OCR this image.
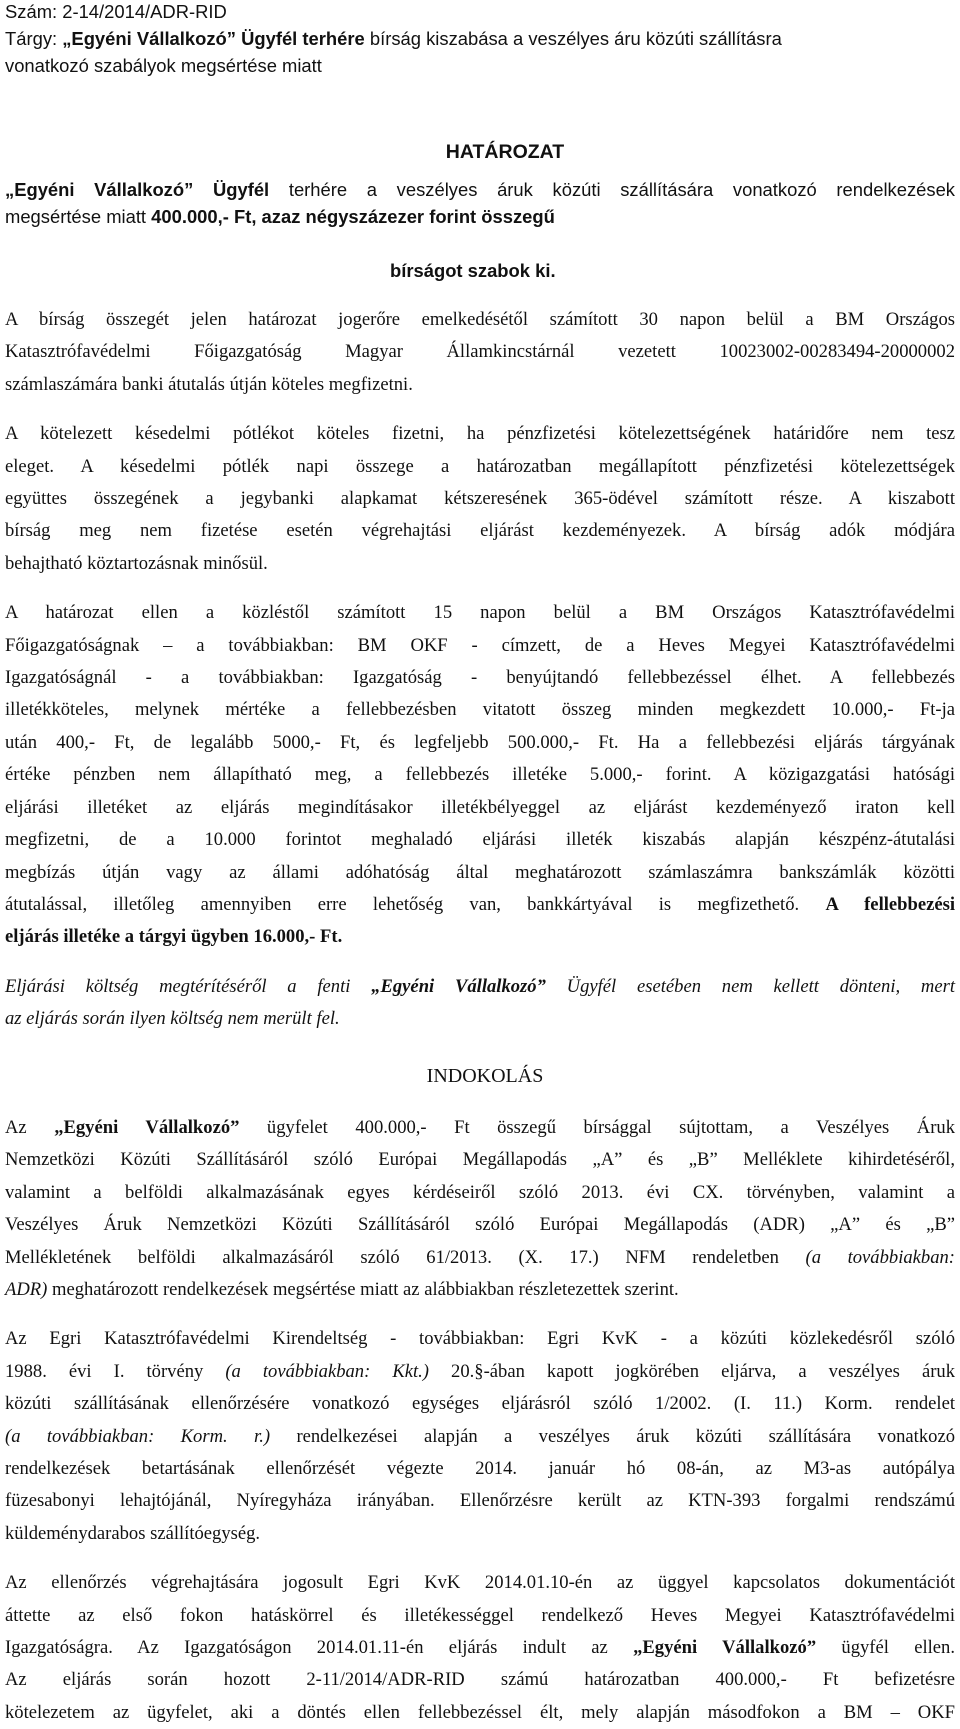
Szám: 2-14/2014/ADR-RID
Tárgy: „Egyéni Vállalkozó” Ügyfél terhére bírság kiszabása a veszélyes áru közúti szállításra
vonatkozó szabályok megsértése miatt
HATÁROZAT
„Egyéni Vállalkozó” Ügyfél terhére a veszélyes áruk közúti szállítására vonatkozó rendelkezések
megsértése miatt 400.000,- Ft, azaz négyszázezer forint összegű
bírságot szabok ki.
A bírság összegét jelen határozat jogerőre emelkedésétől számított 30 napon belül a BM Országos
Katasztrófavédelmi Főigazgatóság Magyar Államkincstárnál vezetett 10023002-00283494-20000002
számlaszámára banki átutalás útján köteles megfizetni.
A kötelezett késedelmi pótlékot köteles fizetni, ha pénzfizetési kötelezettségének határidőre nem tesz
eleget. A késedelmi pótlék napi összege a határozatban megállapított pénzfizetési kötelezettségek
együttes összegének a jegybanki alapkamat kétszeresének 365-ödével számított része. A kiszabott
bírság meg nem fizetése esetén végrehajtási eljárást kezdeményezek. A bírság adók módjára
behajtható köztartozásnak minősül.
A határozat ellen a közléstől számított 15 napon belül a BM Országos Katasztrófavédelmi
Főigazgatóságnak – a továbbiakban: BM OKF - címzett, de a Heves Megyei Katasztrófavédelmi
Igazgatóságnál - a továbbiakban: Igazgatóság - benyújtandó fellebbezéssel élhet. A fellebbezés
illetékköteles, melynek mértéke a fellebbezésben vitatott összeg minden megkezdett 10.000,- Ft-ja
után 400,- Ft, de legalább 5000,- Ft, és legfeljebb 500.000,- Ft. Ha a fellebbezési eljárás tárgyának
értéke pénzben nem állapítható meg, a fellebbezés illetéke 5.000,- forint. A közigazgatási hatósági
eljárási illetéket az eljárás megindításakor illetékbélyeggel az eljárást kezdeményező iraton kell
megfizetni, de a 10.000 forintot meghaladó eljárási illeték kiszabás alapján készpénz-átutalási
megbízás útján vagy az állami adóhatóság által meghatározott számlaszámra bankszámlák közötti
átutalással, illetőleg amennyiben erre lehetőség van, bankkártyával is megfizethető. A fellebbezési
eljárás illetéke a tárgyi ügyben 16.000,- Ft.
Eljárási költség megtérítéséről a fenti „Egyéni Vállalkozó” Ügyfél esetében nem kellett dönteni, mert
az eljárás során ilyen költség nem merült fel.
INDOKOLÁS
Az „Egyéni Vállalkozó” ügyfelet 400.000,- Ft összegű bírsággal sújtottam, a Veszélyes Áruk
Nemzetközi Közúti Szállításáról szóló Európai Megállapodás „A” és „B” Melléklete kihirdetéséről,
valamint a belföldi alkalmazásának egyes kérdéseiről szóló 2013. évi CX. törvényben, valamint a
Veszélyes Áruk Nemzetközi Közúti Szállításáról szóló Európai Megállapodás (ADR) „A” és „B”
Mellékletének belföldi alkalmazásáról szóló 61/2013. (X. 17.) NFM rendeletben (a továbbiakban:
ADR) meghatározott rendelkezések megsértése miatt az alábbiakban részletezettek szerint.
Az Egri Katasztrófavédelmi Kirendeltség - továbbiakban: Egri KvK - a közúti közlekedésről szóló
1988. évi I. törvény (a továbbiakban: Kkt.) 20.§-ában kapott jogkörében eljárva, a veszélyes áruk
közúti szállításának ellenőrzésére vonatkozó egységes eljárásról szóló 1/2002. (I. 11.) Korm. rendelet
(a továbbiakban: Korm. r.) rendelkezései alapján a veszélyes áruk közúti szállítására vonatkozó
rendelkezések betartásának ellenőrzését végezte 2014. január hó 08-án, az M3-as autópálya
füzesabonyi lehajtójánál, Nyíregyháza irányában. Ellenőrzésre került az KTN-393 forgalmi rendszámú
küldeménydarabos szállítóegység.
Az ellenőrzés végrehajtására jogosult Egri KvK 2014.01.10-én az üggyel kapcsolatos dokumentációt
áttette az első fokon hatáskörrel és illetékességgel rendelkező Heves Megyei Katasztrófavédelmi
Igazgatóságra. Az Igazgatóságon 2014.01.11-én eljárás indult az „Egyéni Vállalkozó” ügyfél ellen.
Az eljárás során hozott 2-11/2014/ADR-RID számú határozatban 400.000,- Ft befizetésre
kötelezetem az ügyfelet, aki a döntés ellen fellebbezéssel élt, mely alapján másodfokon a BM – OKF
